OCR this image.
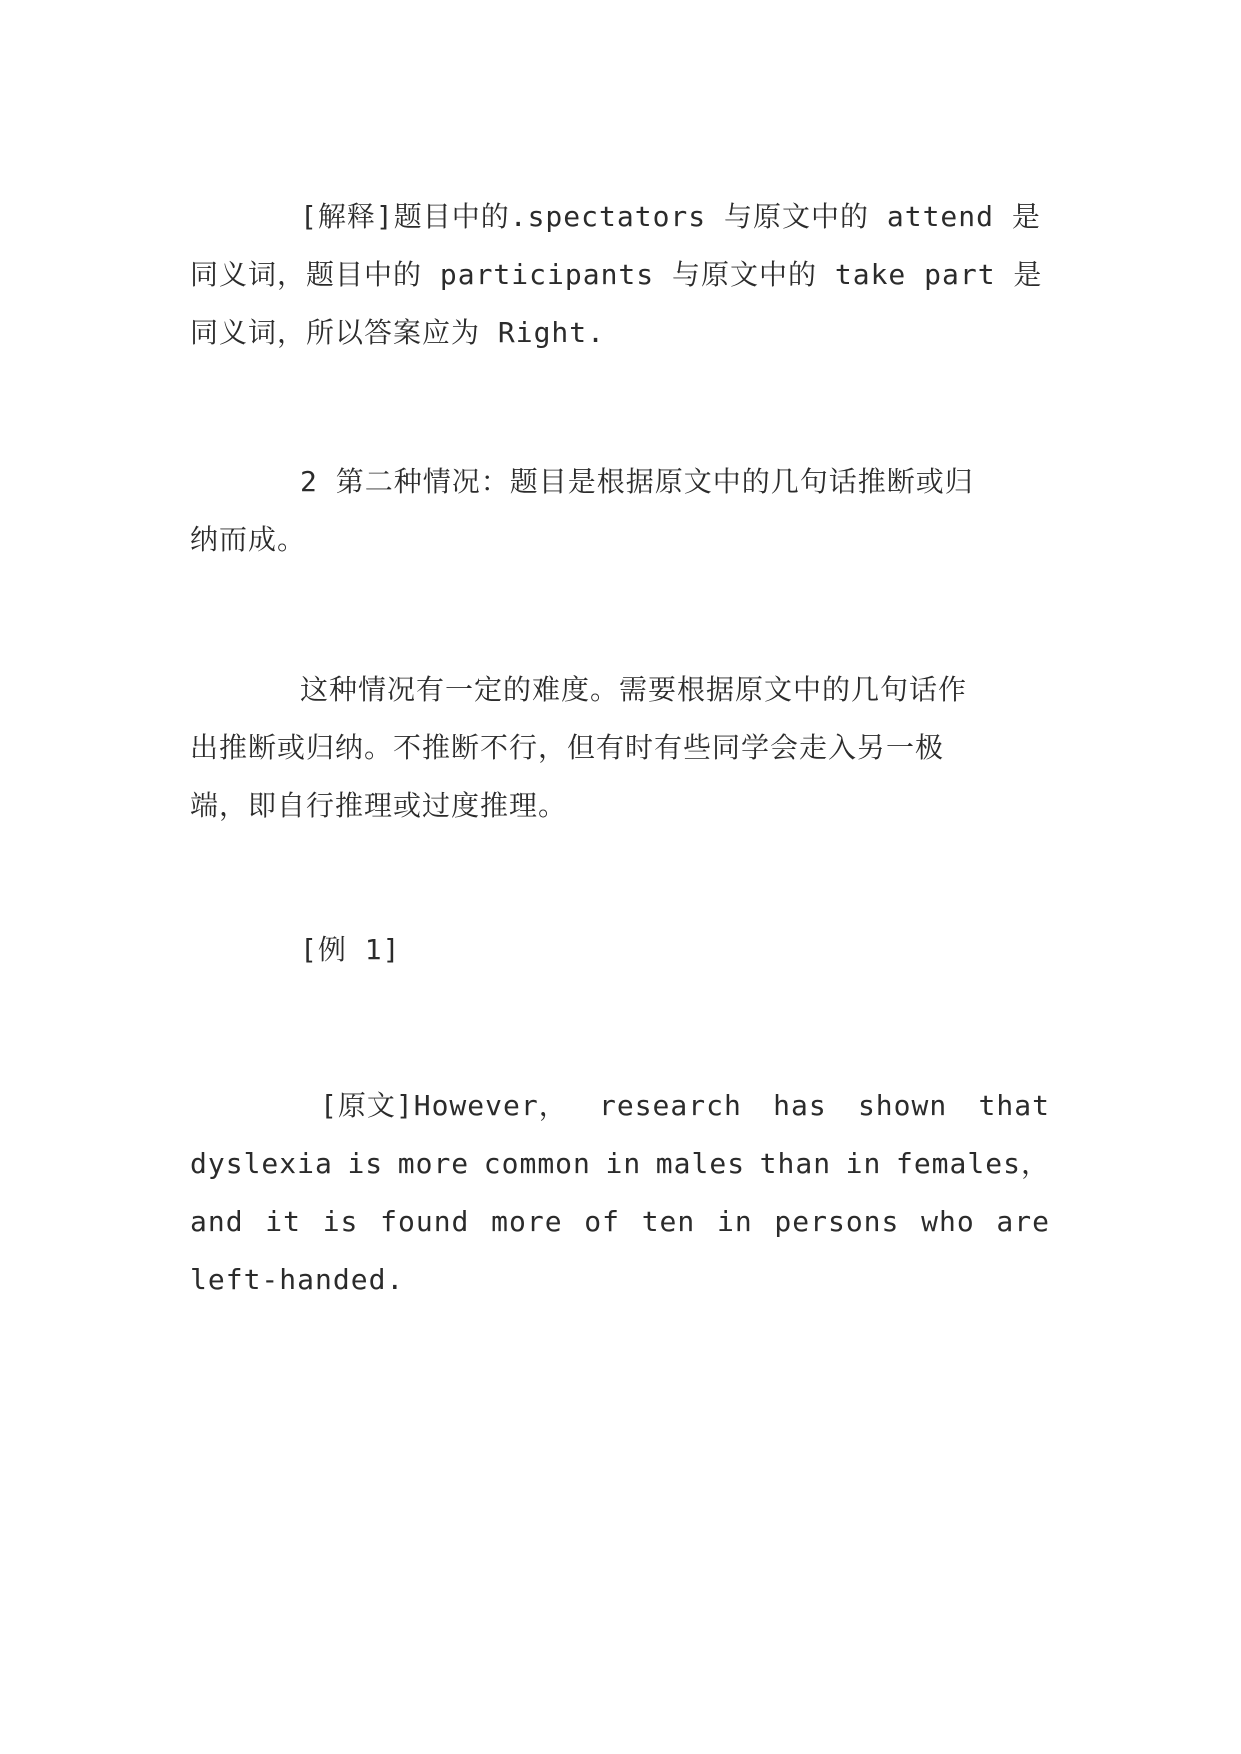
[解释]题目中的.spectators 与原文中的 attend 是
同义词，题目中的 participants 与原文中的 take part 是
同义词，所以答案应为 Right.
2 第二种情况：题目是根据原文中的几句话推断或归
纳而成。
这种情况有一定的难度。需要根据原文中的几句话作
出推断或归纳。不推断不行，但有时有些同学会走入另一极
端，即自行推理或过度推理。
[例 1]
[原文]However， research has shown that
dyslexia is more common in males than in females，
and it is found more of ten in persons who are
left-handed.
